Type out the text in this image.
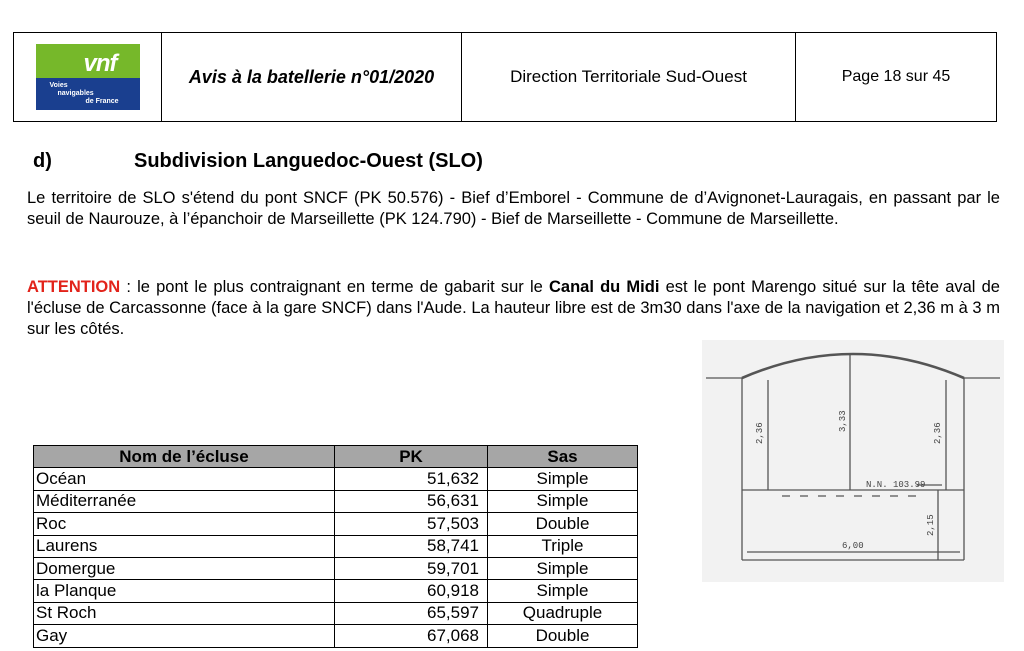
vnf
Voies
navigables
de France
Avis à la batellerie n°01/2020	Direction Territoriale Sud-Ouest	Page 18 sur 45
d)	Subdivision Languedoc-Ouest (SLO)
Le territoire de SLO s'étend du pont SNCF (PK 50.576) - Bief d’Emborel - Commune de d’Avignonet-Lauragais, en passant par le seuil de Naurouze, à l’épanchoir de Marseillette (PK 124.790) - Bief de Marseillette - Commune de Marseillette.
ATTENTION : le pont le plus contraignant en terme de gabarit sur le Canal du Midi est le pont Marengo situé sur la tête aval de l'écluse de Carcassonne (face à la gare SNCF) dans l'Aude. La hauteur libre est de 3m30 dans l'axe de la navigation et 2,36 m à 3 m sur les côtés.
2,36
3,33
2,36
N.N. 103.99
2,15
6,00
Nom de l’écluse	PK	Sas
Océan	51,632	Simple
Méditerranée	56,631	Simple
Roc	57,503	Double
Laurens	58,741	Triple
Domergue	59,701	Simple
la Planque	60,918	Simple
St Roch	65,597	Quadruple
Gay	67,068	Double
